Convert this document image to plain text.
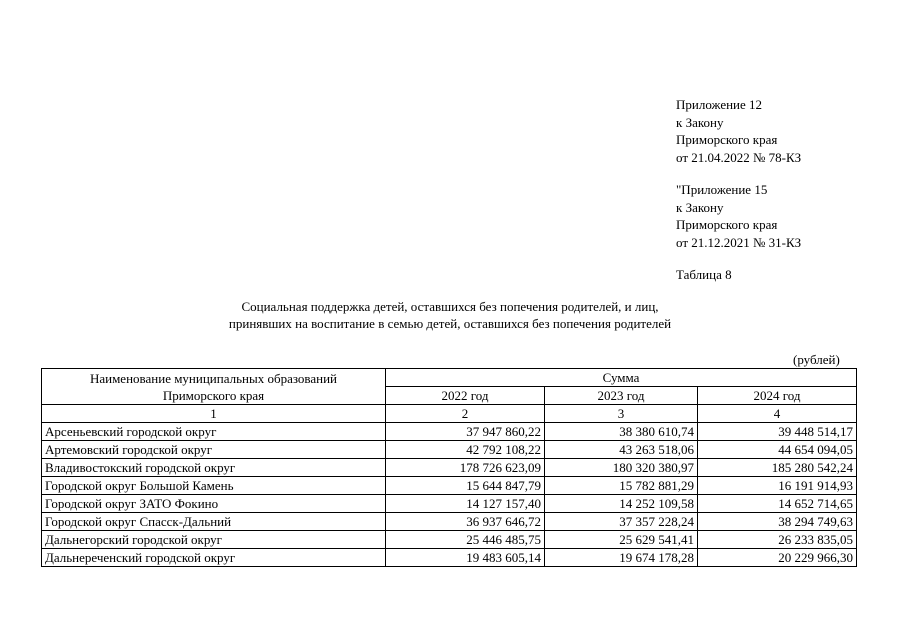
Приложение 12
к Закону
Приморского края
от 21.04.2022 № 78-КЗ
"Приложение 15
к Закону
Приморского края
от 21.12.2021 № 31-КЗ
Таблица 8
Социальная поддержка детей, оставшихся без попечения родителей, и лиц,
принявших на воспитание в семью детей, оставшихся без попечения родителей
(рублей)
Наименование муниципальных образований
Приморского края	Сумма		
	2022 год	2023 год	2024 год
1	2	3	4
Арсеньевский городской округ	37 947 860,22	38 380 610,74	39 448 514,17
Артемовский городской округ	42 792 108,22	43 263 518,06	44 654 094,05
Владивостокский городской округ	178 726 623,09	180 320 380,97	185 280 542,24
Городской округ Большой Камень	15 644 847,79	15 782 881,29	16 191 914,93
Городской округ ЗАТО Фокино	14 127 157,40	14 252 109,58	14 652 714,65
Городской округ Спасск-Дальний	36 937 646,72	37 357 228,24	38 294 749,63
Дальнегорский городской округ	25 446 485,75	25 629 541,41	26 233 835,05
Дальнереченский городской округ	19 483 605,14	19 674 178,28	20 229 966,30
